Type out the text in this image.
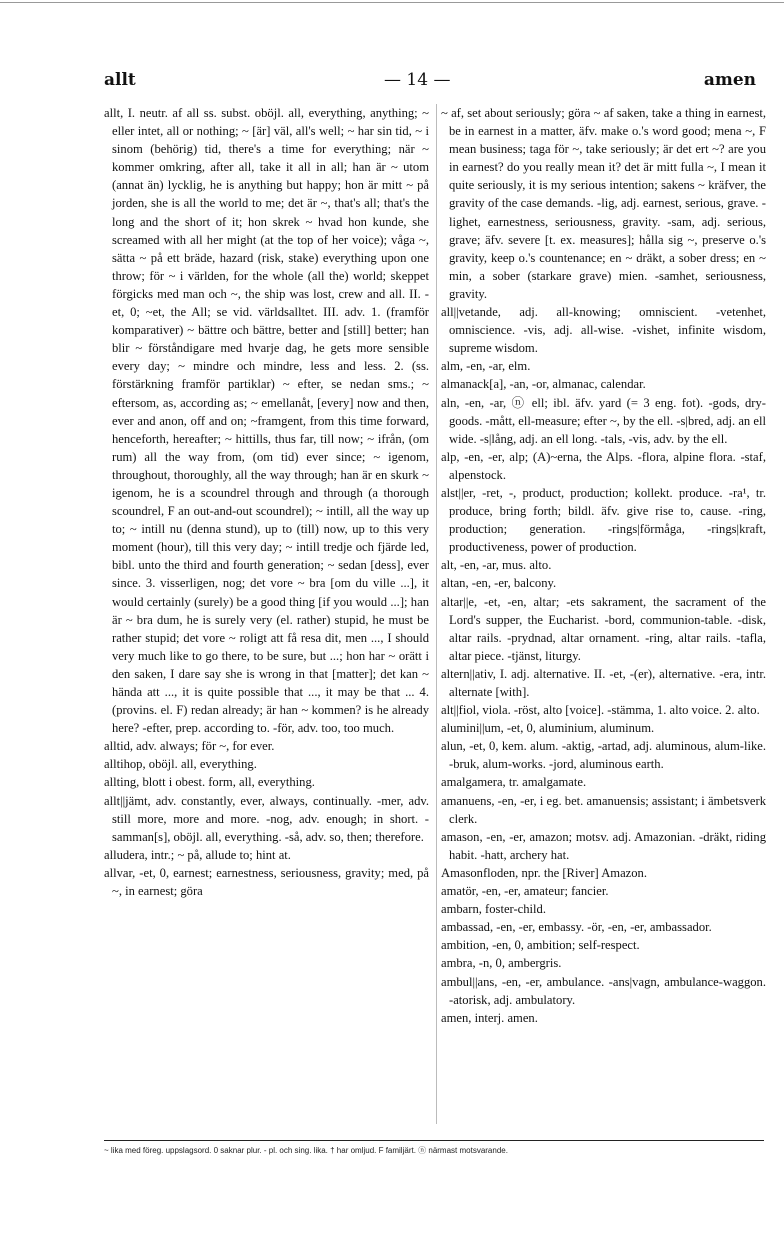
allt	— 14 —	amen

allt, I. neutr. af all ss. subst. oböjl. all, everything, anything; ~ eller intet, all or nothing; ~ [är] väl, all's well; ~ har sin tid, ~ i sinom (behörig) tid, there's a time for everything; när ~ kommer omkring, after all, take it all in all; han är ~ utom (annat än) lycklig, he is anything but happy; hon är mitt ~ på jorden, she is all the world to me; det är ~, that's all; that's the long and the short of it; hon skrek ~ hvad hon kunde, she screamed with all her might (at the top of her voice); våga ~, sätta ~ på ett bräde, hazard (risk, stake) everything upon one throw; för ~ i världen, for the whole (all the) world; skeppet förgicks med man och ~, the ship was lost, crew and all. II. -et, 0; ~et, the All; se vid. världsalltet. III. adv. 1. (framför komparativer) ~ bättre och bättre, better and [still] better; han blir ~ förståndigare med hvarje dag, he gets more sensible every day; ~ mindre och mindre, less and less. 2. (ss. förstärkning framför partiklar) ~ efter, se nedan sms.; ~ eftersom, as, according as; ~ emellanåt, [every] now and then, ever and anon, off and on; ~framgent, from this time forward, henceforth, hereafter; ~ hittills, thus far, till now; ~ ifrån, (om rum) all the way from, (om tid) ever since; ~ igenom, throughout, thoroughly, all the way through; han är en skurk ~ igenom, he is a scoundrel through and through (a thorough scoundrel, F an out-and-out scoundrel); ~ intill, all the way up to; ~ intill nu (denna stund), up to (till) now, up to this very moment (hour), till this very day; ~ intill tredje och fjärde led, bibl. unto the third and fourth generation; ~ sedan [dess], ever since. 3. visserligen, nog; det vore ~ bra [om du ville ...], it would certainly (surely) be a good thing [if you would ...]; han är ~ bra dum, he is surely very (el. rather) stupid, he must be rather stupid; det vore ~ roligt att få resa dit, men ..., I should very much like to go there, to be sure, but ...; hon har ~ orätt i den saken, I dare say she is wrong in that [matter]; det kan ~ hända att ..., it is quite possible that ..., it may be that ... 4. (provins. el. F) redan already; är han ~ kommen? is he already here? -efter, prep. according to. -för, adv. too, too much.

alltid, adv. always; för ~, for ever.

alltihop, oböjl. all, everything.

allting, blott i obest. form, all, everything.

allt||jämt, adv. constantly, ever, always, continually. -mer, adv. still more, more and more. -nog, adv. enough; in short. -samman[s], oböjl. all, everything. -så, adv. so, then; therefore.

alludera, intr.; ~ på, allude to; hint at.

allvar, -et, 0, earnest; earnestness, seriousness, gravity; med, på ~, in earnest; göra

~ af, set about seriously; göra ~ af saken, take a thing in earnest, be in earnest in a matter, äfv. make o.'s word good; mena ~, F mean business; taga för ~, take seriously; är det ert ~? are you in earnest? do you really mean it? det är mitt fulla ~, I mean it quite seriously, it is my serious intention; sakens ~ kräfver, the gravity of the case demands. -lig, adj. earnest, serious, grave. -lighet, earnestness, seriousness, gravity. -sam, adj. serious, grave; äfv. severe [t. ex. measures]; hålla sig ~, preserve o.'s gravity, keep o.'s countenance; en ~ dräkt, a sober dress; en ~ min, a sober (starkare grave) mien. -samhet, seriousness, gravity.

all||vetande, adj. all-knowing; omniscient. -vetenhet, omniscience. -vis, adj. all-wise. -vishet, infinite wisdom, supreme wisdom.

alm, -en, -ar, elm.

almanack[a], -an, -or, almanac, calendar.

aln, -en, -ar, ⓝ ell; ibl. äfv. yard (= 3 eng. fot). -gods, dry-goods. -mått, ell-measure; efter ~, by the ell. -s|bred, adj. an ell wide. -s|lång, adj. an ell long. -tals, -vis, adv. by the ell.

alp, -en, -er, alp; (A)~erna, the Alps. -flora, alpine flora. -staf, alpenstock.

alst||er, -ret, -, product, production; kollekt. produce. -ra¹, tr. produce, bring forth; bildl. äfv. give rise to, cause. -ring, production; generation. -rings|förmåga, -rings|kraft, productiveness, power of production.

alt, -en, -ar, mus. alto.

altan, -en, -er, balcony.

altar||e, -et, -en, altar; -ets sakrament, the sacrament of the Lord's supper, the Eucharist. -bord, communion-table. -disk, altar rails. -prydnad, altar ornament. -ring, altar rails. -tafla, altar piece. -tjänst, liturgy.

altern||ativ, I. adj. alternative. II. -et, -(er), alternative. -era, intr. alternate [with].

alt||fiol, viola. -röst, alto [voice]. -stämma, 1. alto voice. 2. alto.

alumini||um, -et, 0, aluminium, aluminum.

alun, -et, 0, kem. alum. -aktig, -artad, adj. aluminous, alum-like. -bruk, alum-works. -jord, aluminous earth.

amalgamera, tr. amalgamate.

amanuens, -en, -er, i eg. bet. amanuensis; assistant; i ämbetsverk clerk.

amason, -en, -er, amazon; motsv. adj. Amazonian. -dräkt, riding habit. -hatt, archery hat.

Amasonfloden, npr. the [River] Amazon.

amatör, -en, -er, amateur; fancier.

ambarn, foster-child.

ambassad, -en, -er, embassy. -ör, -en, -er, ambassador.

ambition, -en, 0, ambition; self-respect.

ambra, -n, 0, ambergris.

ambul||ans, -en, -er, ambulance. -ans|vagn, ambulance-waggon. -atorisk, adj. ambulatory.

amen, interj. amen.

~ lika med föreg. uppslagsord. 0 saknar plur. - pl. och sing. lika. † har omljud. F familjärt. ⓝ närmast motsvarande.
